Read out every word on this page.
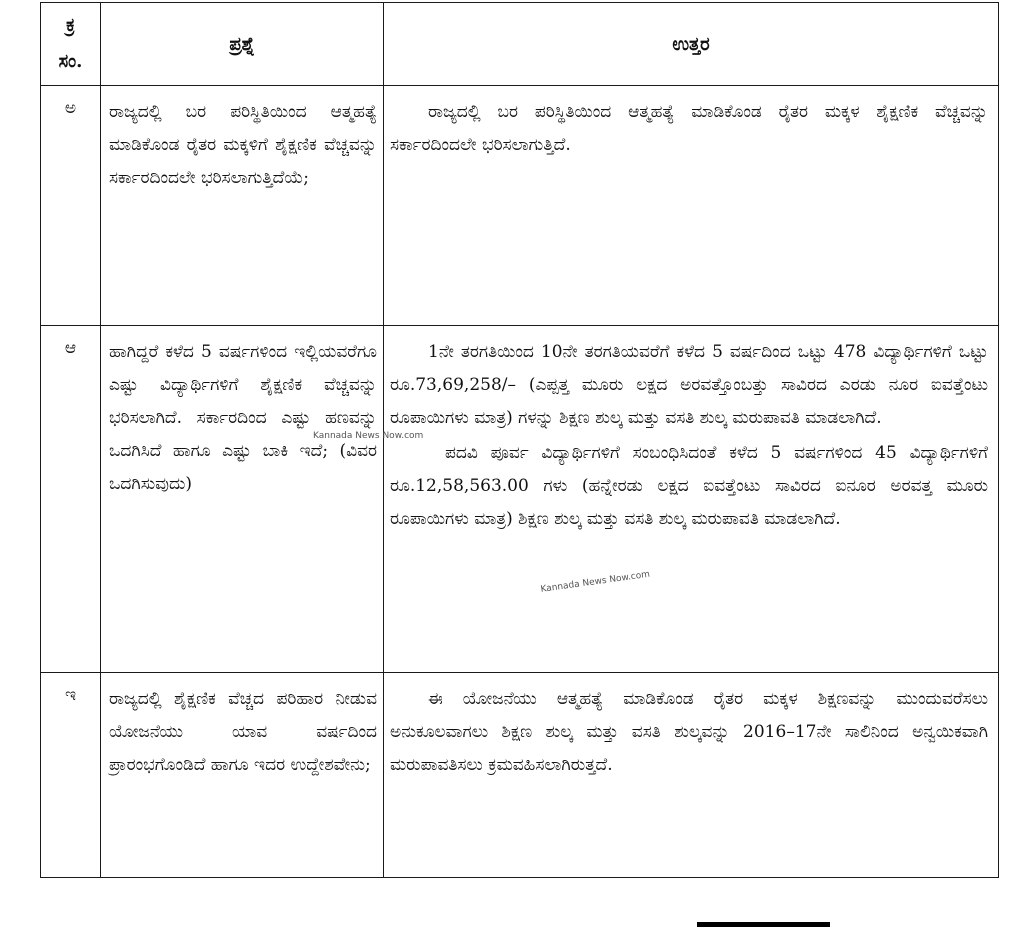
ಕ್ರ
ಸಂ.	ಪ್ರಶ್ನೆ	ಉತ್ತರ

ಅ	ರಾಜ್ಯದಲ್ಲಿ ಬರ ಪರಿಸ್ಥಿತಿಯಿಂದ ಆತ್ಮಹತ್ಯೆ ಮಾಡಿಕೊಂಡ ರೈತರ ಮಕ್ಕಳಿಗೆ ಶೈಕ್ಷಣಿಕ ವೆಚ್ಚವನ್ನು ಸರ್ಕಾರದಿಂದಲೇ ಭರಿಸಲಾಗುತ್ತಿದೆಯೆ;	ರಾಜ್ಯದಲ್ಲಿ ಬರ ಪರಿಸ್ಥಿತಿಯಿಂದ ಆತ್ಮಹತ್ಯೆ ಮಾಡಿಕೊಂಡ ರೈತರ ಮಕ್ಕಳ ಶೈಕ್ಷಣಿಕ ವೆಚ್ಚವನ್ನು ಸರ್ಕಾರದಿಂದಲೇ ಭರಿಸಲಾಗುತ್ತಿದೆ.

ಆ	ಹಾಗಿದ್ದರೆ ಕಳೆದ 5 ವರ್ಷಗಳಿಂದ ಇಲ್ಲಿಯವರೆಗೂ ಎಷ್ಟು ವಿದ್ಯಾರ್ಥಿಗಳಿಗೆ ಶೈಕ್ಷಣಿಕ ವೆಚ್ಚವನ್ನು ಭರಿಸಲಾಗಿದೆ. ಸರ್ಕಾರದಿಂದ ಎಷ್ಟು ಹಣವನ್ನು ಒದಗಿಸಿದೆ ಹಾಗೂ ಎಷ್ಟು ಬಾಕಿ ಇದೆ; (ವಿವರ ಒದಗಿಸುವುದು)	1ನೇ ತರಗತಿಯಿಂದ 10ನೇ ತರಗತಿಯವರೆಗೆ ಕಳೆದ 5 ವರ್ಷದಿಂದ ಒಟ್ಟು 478 ವಿದ್ಯಾರ್ಥಿಗಳಿಗೆ ಒಟ್ಟು ರೂ.73,69,258/– (ಎಪ್ಪತ್ತ ಮೂರು ಲಕ್ಷದ ಅರವತ್ತೊಂಬತ್ತು ಸಾವಿರದ ಎರಡು ನೂರ ಐವತ್ತೆಂಟು ರೂಪಾಯಿಗಳು ಮಾತ್ರ) ಗಳನ್ನು ಶಿಕ್ಷಣ ಶುಲ್ಕ ಮತ್ತು ವಸತಿ ಶುಲ್ಕ ಮರುಪಾವತಿ ಮಾಡಲಾಗಿದೆ.

ಪದವಿ ಪೂರ್ವ ವಿದ್ಯಾರ್ಥಿಗಳಿಗೆ ಸಂಬಂಧಿಸಿದಂತೆ ಕಳೆದ 5 ವರ್ಷಗಳಿಂದ 45 ವಿದ್ಯಾರ್ಥಿಗಳಿಗೆ ರೂ.12,58,563.00 ಗಳು (ಹನ್ನೇರಡು ಲಕ್ಷದ ಐವತ್ತೆಂಟು ಸಾವಿರದ ಐನೂರ ಅರವತ್ತ ಮೂರು ರೂಪಾಯಿಗಳು ಮಾತ್ರ) ಶಿಕ್ಷಣ ಶುಲ್ಕ ಮತ್ತು ವಸತಿ ಶುಲ್ಕ ಮರುಪಾವತಿ ಮಾಡಲಾಗಿದೆ.

ಇ	ರಾಜ್ಯದಲ್ಲಿ ಶೈಕ್ಷಣಿಕ ವೆಚ್ಚದ ಪರಿಹಾರ ನೀಡುವ ಯೋಜನೆಯು ಯಾವ ವರ್ಷದಿಂದ ಪ್ರಾರಂಭಗೊಂಡಿದೆ ಹಾಗೂ ಇದರ ಉದ್ದೇಶವೇನು;	ಈ ಯೋಜನೆಯು ಆತ್ಮಹತ್ಯೆ ಮಾಡಿಕೊಂಡ ರೈತರ ಮಕ್ಕಳ ಶಿಕ್ಷಣವನ್ನು ಮುಂದುವರೆಸಲು ಅನುಕೂಲವಾಗಲು ಶಿಕ್ಷಣ ಶುಲ್ಕ ಮತ್ತು ವಸತಿ ಶುಲ್ಕವನ್ನು 2016–17ನೇ ಸಾಲಿನಿಂದ ಅನ್ವಯಿಕವಾಗಿ ಮರುಪಾವತಿಸಲು ಕ್ರಮವಹಿಸಲಾಗಿರುತ್ತದೆ.

Kannada News Now.com
Kannada News Now.com
